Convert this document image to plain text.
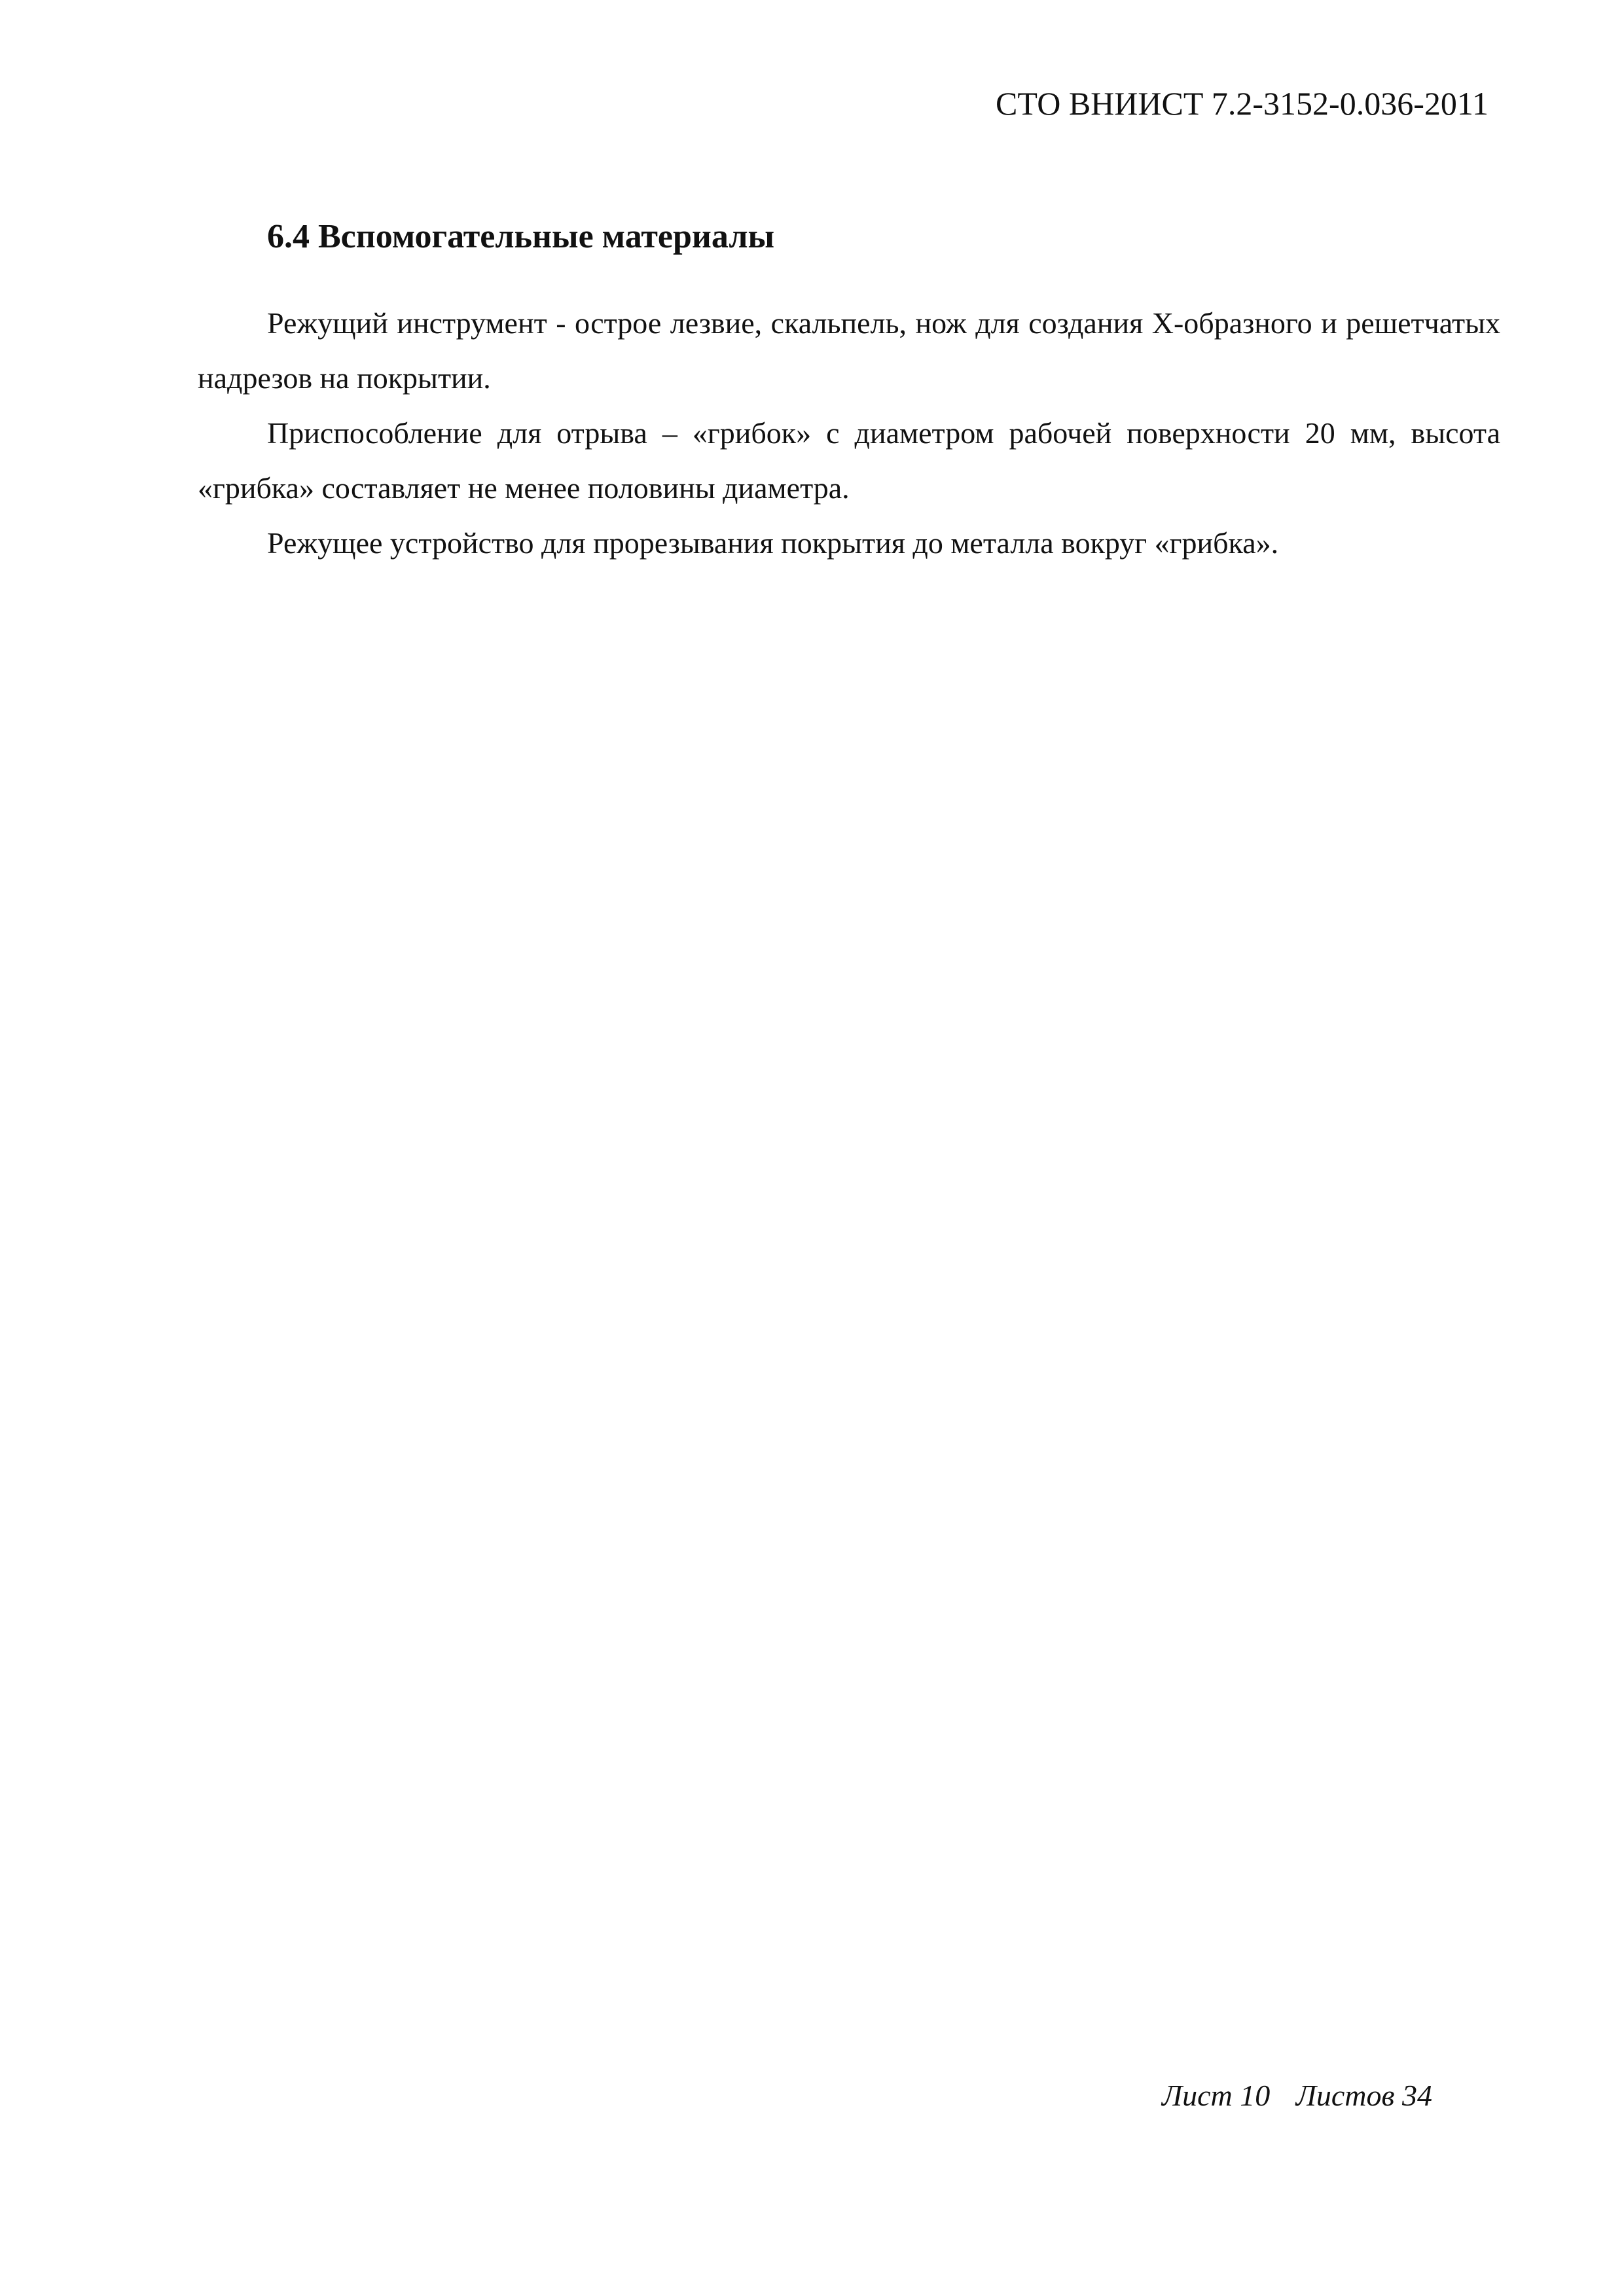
СТО ВНИИСТ 7.2-3152-0.036-2011
6.4 Вспомогательные материалы

Режущий инструмент - острое лезвие, скальпель, нож для создания Х-образного и решетчатых надрезов на покрытии.

Приспособление для отрыва – «грибок» с диаметром рабочей поверхности 20 мм, высота «грибка» составляет не менее половины диаметра.

Режущее устройство для прорезывания покрытия до металла вокруг «грибка».

Лист 10 Листов 34
